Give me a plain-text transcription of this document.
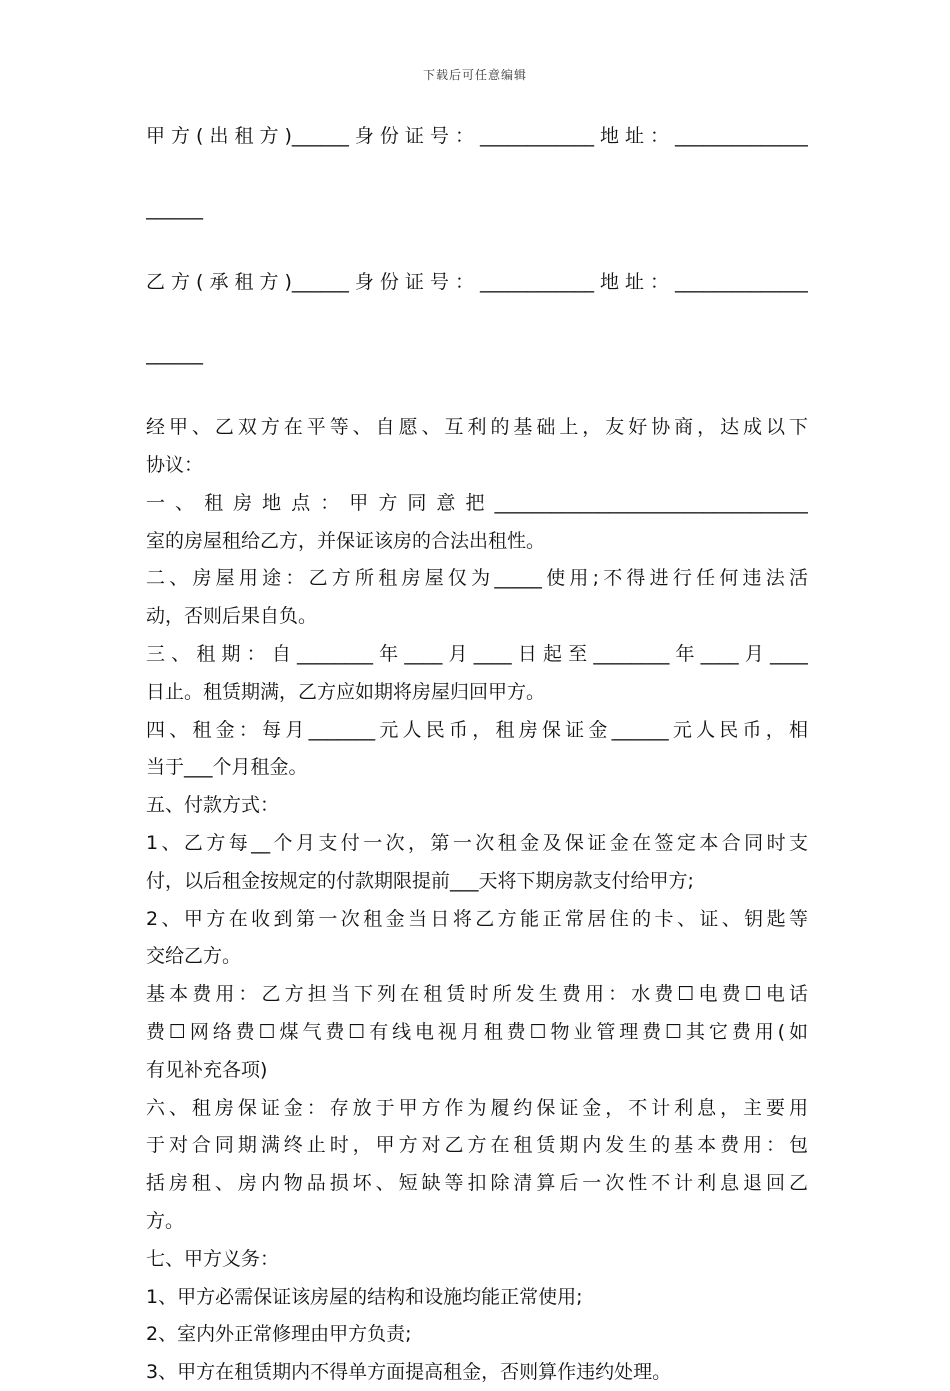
下载后可任意编辑
甲方(出租方)______身份证号：____________地址：______________
______
乙方(承租方)______身份证号：____________地址：______________
______
经甲、乙双方在平等、自愿、互利的基础上，友好协商，达成以下
协议：
一、租房地点：甲方同意把_________________________________
室的房屋租给乙方，并保证该房的合法出租性。
二、房屋用途：乙方所租房屋仅为_____使用;不得进行任何违法活
动，否则后果自负。
三、租期：自________年____月____日起至________年____月____
日止。租赁期满，乙方应如期将房屋归回甲方。
四、租金：每月_______元人民币，租房保证金______元人民币，相
当于___个月租金。
五、付款方式：
1、乙方每__个月支付一次，第一次租金及保证金在签定本合同时支
付，以后租金按规定的付款期限提前___天将下期房款支付给甲方;
2、甲方在收到第一次租金当日将乙方能正常居住的卡、证、钥匙等
交给乙方。
基本费用：乙方担当下列在租赁时所发生费用：水费☐电费☐电话
费☐网络费☐煤气费☐有线电视月租费☐物业管理费☐其它费用(如
有见补充各项)
六、租房保证金：存放于甲方作为履约保证金，不计利息，主要用
于对合同期满终止时，甲方对乙方在租赁期内发生的基本费用：包
括房租、房内物品损坏、短缺等扣除清算后一次性不计利息退回乙
方。
七、甲方义务：
1、甲方必需保证该房屋的结构和设施均能正常使用;
2、室内外正常修理由甲方负责;
3、甲方在租赁期内不得单方面提高租金，否则算作违约处理。
